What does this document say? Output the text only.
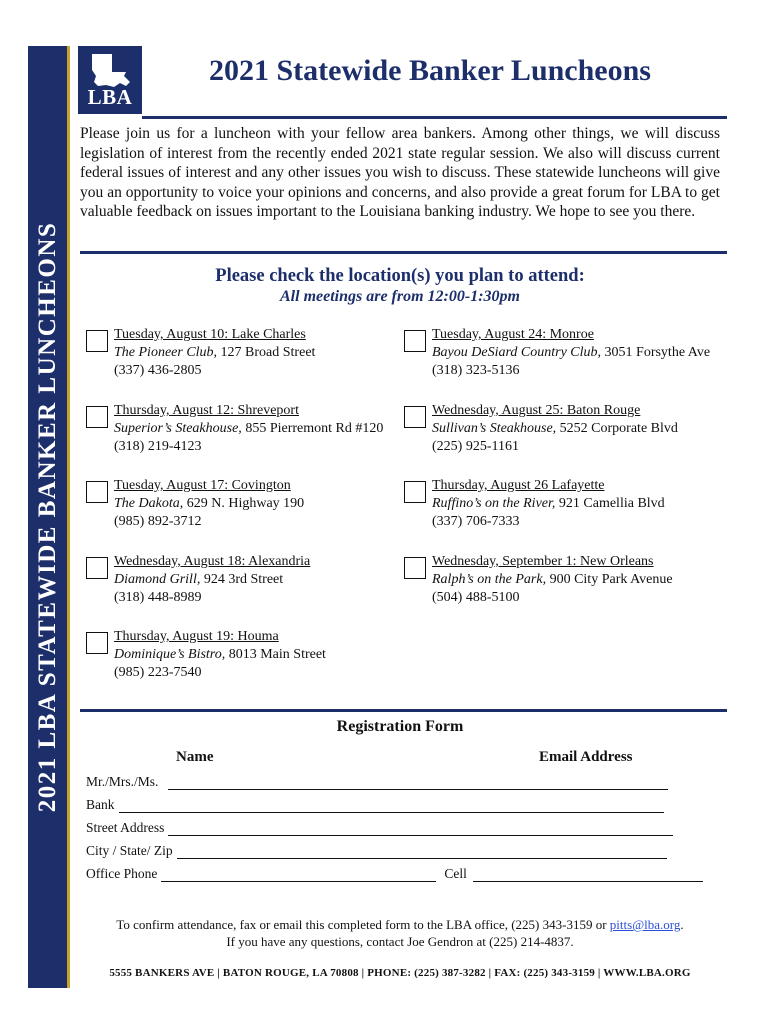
2021 LBA STATEWIDE BANKER LUNCHEONS
LBA
2021 Statewide Banker Luncheons
Please join us for a luncheon with your fellow area bankers. Among other things, we will discuss legislation of interest from the recently ended 2021 state regular session. We also will discuss current federal issues of interest and any other issues you wish to discuss. These statewide luncheons will give you an opportunity to voice your opinions and concerns, and also provide a great forum for LBA to get valuable feedback on issues important to the Louisiana banking industry. We hope to see you there.
Please check the location(s) you plan to attend:
All meetings are from 12:00-1:30pm
Tuesday, August 10: Lake Charles
The Pioneer Club, 127 Broad Street
(337) 436-2805
Tuesday, August 24: Monroe
Bayou DeSiard Country Club, 3051 Forsythe Ave
(318) 323-5136
Thursday, August 12: Shreveport
Superior’s Steakhouse, 855 Pierremont Rd #120
(318) 219-4123
Wednesday, August 25: Baton Rouge
Sullivan’s Steakhouse, 5252 Corporate Blvd
(225) 925-1161
Tuesday, August 17: Covington
The Dakota, 629 N. Highway 190
(985) 892-3712
Thursday, August 26 Lafayette
Ruffino’s on the River, 921 Camellia Blvd
(337) 706-7333
Wednesday, August 18: Alexandria
Diamond Grill, 924 3rd Street
(318) 448-8989
Wednesday, September 1: New Orleans
Ralph’s on the Park, 900 City Park Avenue
(504) 488-5100
Thursday, August 19: Houma
Dominique’s Bistro, 8013 Main Street
(985) 223-7540
Registration Form
Name	Email Address
Mr./Mrs./Ms.
Bank
Street Address
City / State/ Zip
Office Phone	Cell
To confirm attendance, fax or email this completed form to the LBA office, (225) 343-3159 or pitts@lba.org.
If you have any questions, contact Joe Gendron at (225) 214-4837.
5555 BANKERS AVE | BATON ROUGE, LA 70808 | PHONE: (225) 387-3282 | FAX: (225) 343-3159 | WWW.LBA.ORG
